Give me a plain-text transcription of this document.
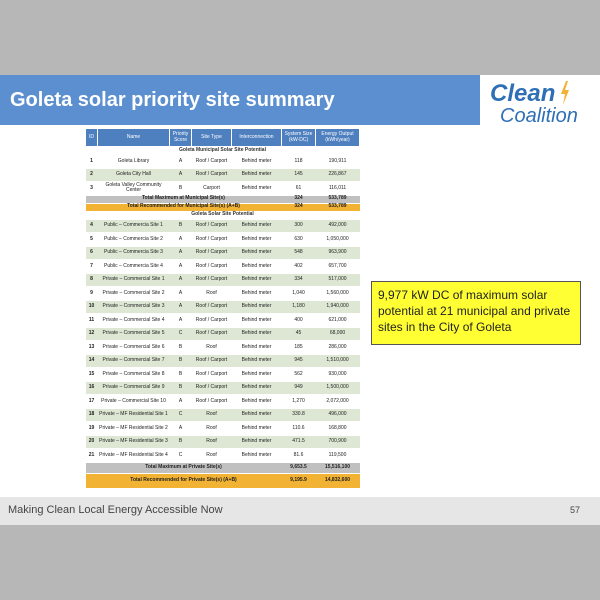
Goleta solar priority site summary	Clean
Coalition
ID	Name	Priority Score	Site Type	Interconnection	System Size (kW-DC)	Energy Output (kWh/year)
Goleta Municipal Solar Site Potential						
1	Goleta Library	A	Roof / Carport	Behind meter	118	190,911
2	Goleta City Hall	A	Roof / Carport	Behind meter	145	226,867
3	Goleta Valley Community Center	B	Carport	Behind meter	61	116,011
Total Maximum at Municipal Site(s)					324	533,789
Total Recommended for Municipal Site(s) (A+B)					324	533,789
Goleta Solar Site Potential						
4	Public – Commercia Site 1	B	Roof / Carport	Behind meter	300	492,000
5	Public – Commercia Site 2	A	Roof / Carport	Behind meter	630	1,050,000
6	Public – Commercia Site 3	A	Roof / Carport	Behind meter	548	963,900
7	Public – Commercia Site 4	A	Roof / Carport	Behind meter	402	657,700
8	Private – Commercial Site 1	A	Roof / Carport	Behind meter	334	517,000
9	Private – Commercial Site 2	A	Roof	Behind meter	1,040	1,560,000
10	Private – Commercial Site 3	A	Roof / Carport	Behind meter	1,180	1,940,000
11	Private – Commercial Site 4	A	Roof / Carport	Behind meter	400	621,000
12	Private – Commercial Site 5	C	Roof / Carport	Behind meter	45	68,000
13	Private – Commercial Site 6	B	Roof	Behind meter	185	286,000
14	Private – Commercial Site 7	B	Roof / Carport	Behind meter	945	1,510,000
15	Private – Commercial Site 8	B	Roof / Carport	Behind meter	562	930,000
16	Private – Commercial Site 9	B	Roof / Carport	Behind meter	949	1,500,000
17	Private – Commercial Site 10	A	Roof / Carport	Behind meter	1,270	2,072,000
18	Private – MF Residential Site 1	C	Roof	Behind meter	330.8	496,000
19	Private – MF Residential Site 2	A	Roof	Behind meter	110.6	168,800
20	Private – MF Residential Site 3	B	Roof	Behind meter	471.5	700,900
21	Private – MF Residential Site 4	C	Roof	Behind meter	81.6	119,500
Total Maximum at Private Site(s)					9,653.5	15,516,100
Total Recommended for Private Site(s) (A+B)					9,195.9	14,832,600
9,977 kW DC of maximum solar potential at 21 municipal and private sites in the City of Goleta
Making Clean Local Energy Accessible Now	57
